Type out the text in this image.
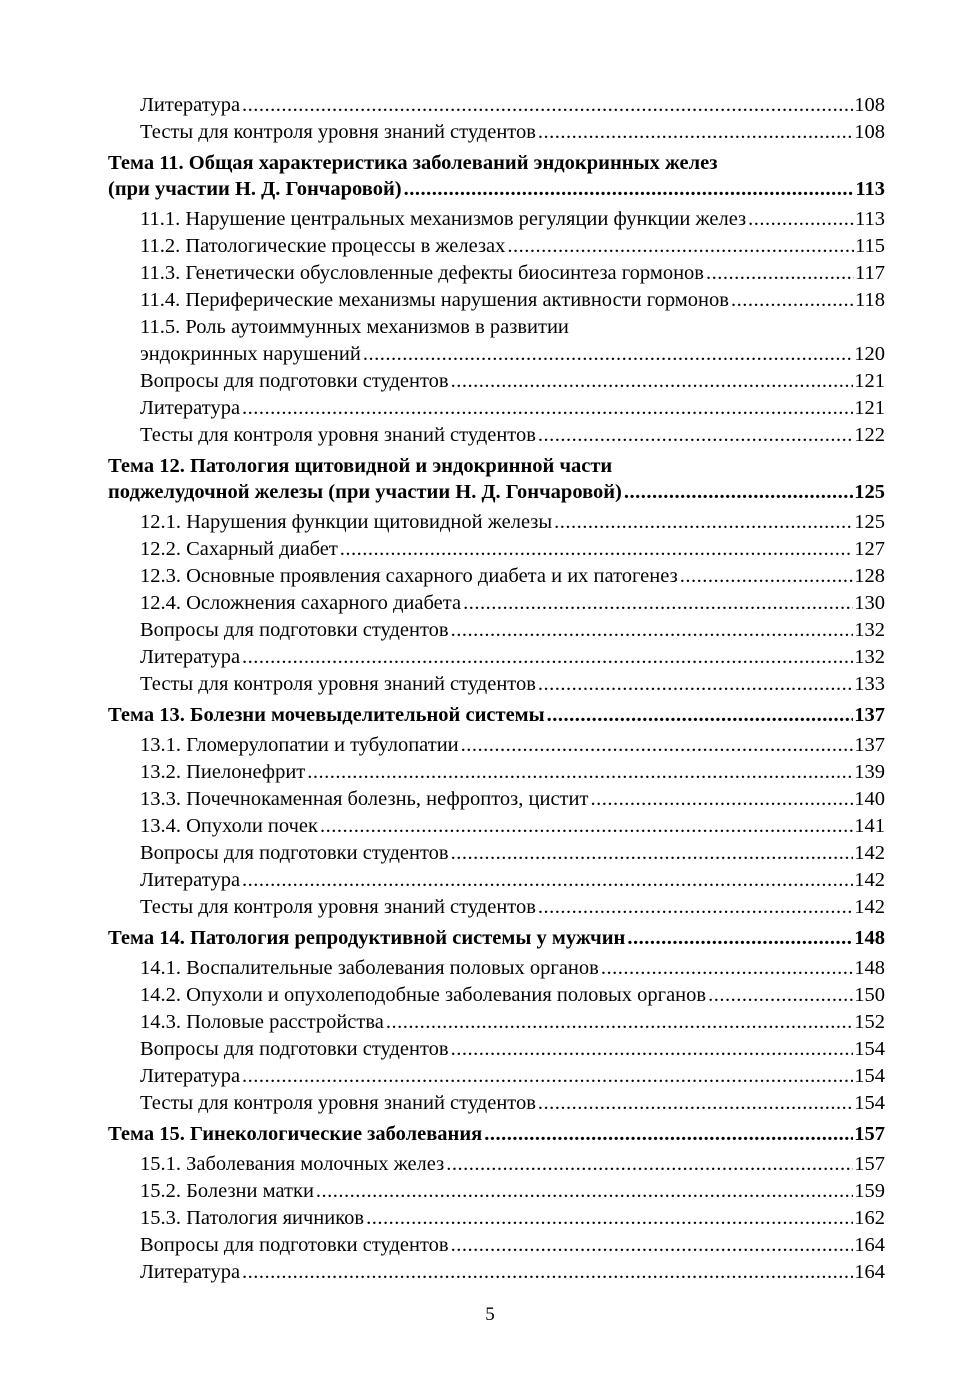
Литература .....	108
Тесты для контроля уровня знаний студентов .....	108
Тема 11. Общая характеристика заболеваний эндокринных желез
(при участии Н. Д. Гончаровой) .....	113
11.1. Нарушение центральных механизмов регуляции функции желез .....	113
11.2. Патологические процессы в железах .....	115
11.3. Генетически обусловленные дефекты биосинтеза гормонов .....	117
11.4. Периферические механизмы нарушения активности гормонов .....	118
11.5. Роль аутоиммунных механизмов в развитии
эндокринных нарушений .....	120
Вопросы для подготовки студентов .....	121
Литература .....	121
Тесты для контроля уровня знаний студентов .....	122
Тема 12. Патология щитовидной и эндокринной части
поджелудочной железы (при участии Н. Д. Гончаровой) .....	125
12.1. Нарушения функции щитовидной железы .....	125
12.2. Сахарный диабет .....	127
12.3. Основные проявления сахарного диабета и их патогенез .....	128
12.4. Осложнения сахарного диабета .....	130
Вопросы для подготовки студентов .....	132
Литература .....	132
Тесты для контроля уровня знаний студентов .....	133
Тема 13. Болезни мочевыделительной системы .....	137
13.1. Гломерулопатии и тубулопатии .....	137
13.2. Пиелонефрит .....	139
13.3. Почечнокаменная болезнь, нефроптоз, цистит .....	140
13.4. Опухоли почек .....	141
Вопросы для подготовки студентов .....	142
Литература .....	142
Тесты для контроля уровня знаний студентов .....	142
Тема 14. Патология репродуктивной системы у мужчин .....	148
14.1. Воспалительные заболевания половых органов .....	148
14.2. Опухоли и опухолеподобные заболевания половых органов .....	150
14.3. Половые расстройства .....	152
Вопросы для подготовки студентов .....	154
Литература .....	154
Тесты для контроля уровня знаний студентов .....	154
Тема 15. Гинекологические заболевания .....	157
15.1. Заболевания молочных желез .....	157
15.2. Болезни матки .....	159
15.3. Патология яичников .....	162
Вопросы для подготовки студентов .....	164
Литература .....	164
5
